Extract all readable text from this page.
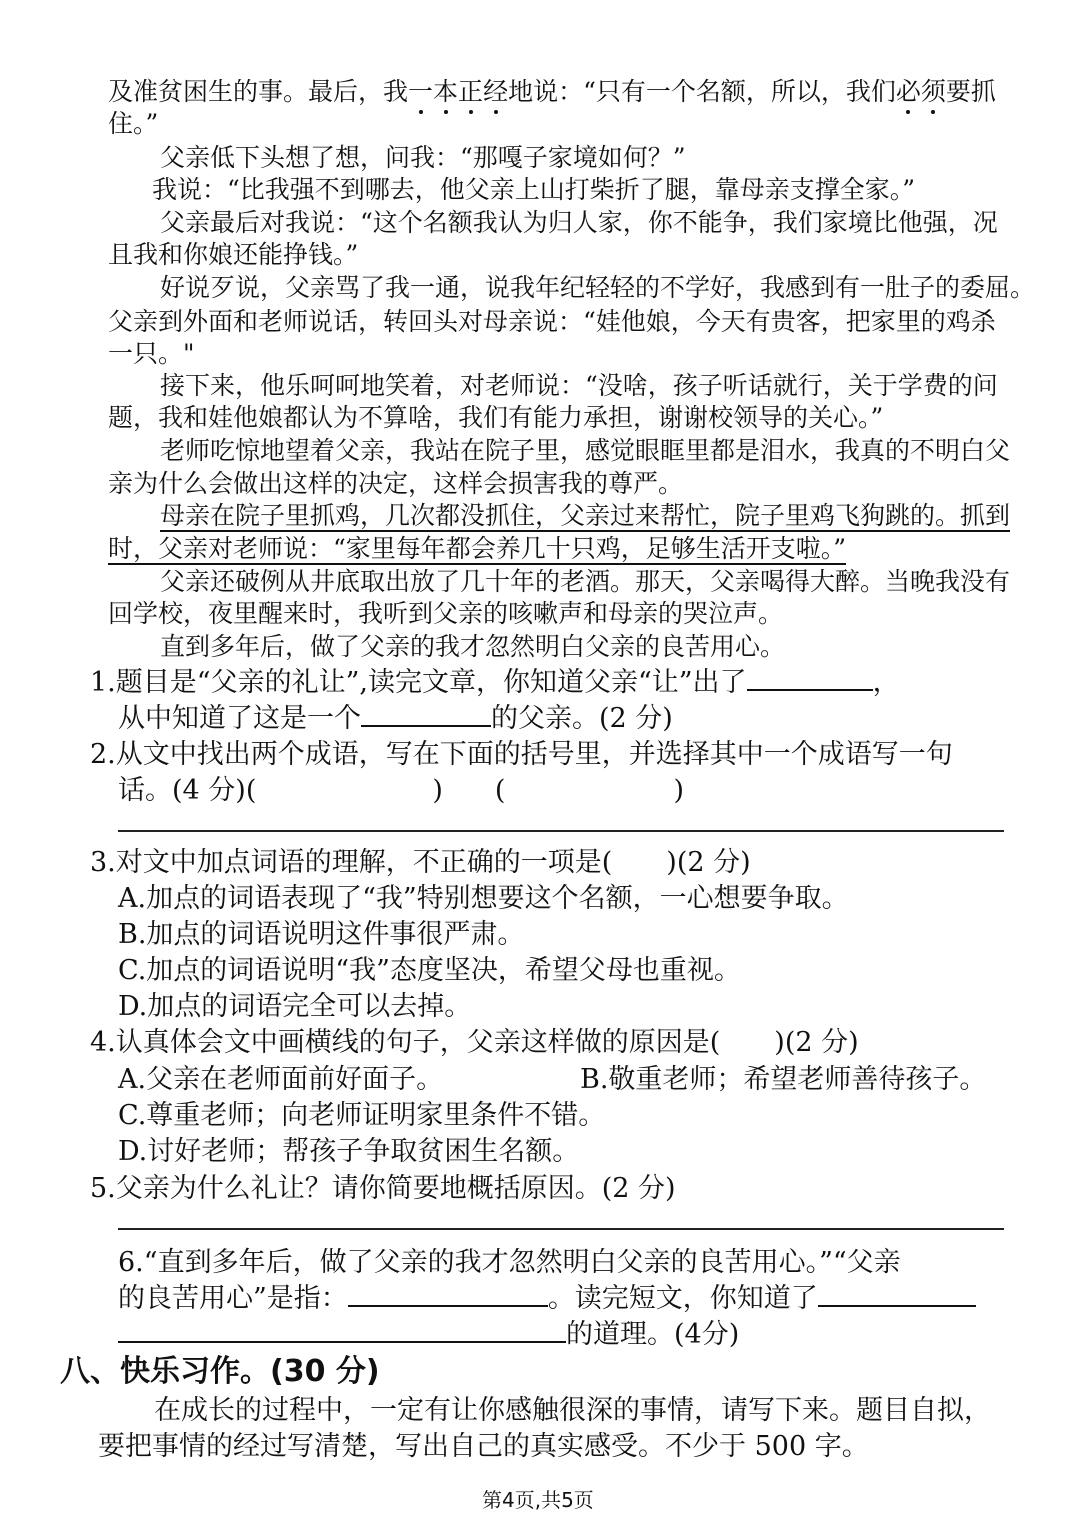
及准贫困生的事。最后，我一本正经地说：“只有一个名额，所以，我们必须要抓
住。”
父亲低下头想了想，问我：“那嘎子家境如何？”
我说：“比我强不到哪去，他父亲上山打柴折了腿，靠母亲支撑全家。”
父亲最后对我说：“这个名额我认为归人家，你不能争，我们家境比他强，况
且我和你娘还能挣钱。”
好说歹说，父亲骂了我一通，说我年纪轻轻的不学好，我感到有一肚子的委屈。
父亲到外面和老师说话，转回头对母亲说：“娃他娘，今天有贵客，把家里的鸡杀
一只。"
接下来，他乐呵呵地笑着，对老师说：“没啥，孩子听话就行，关于学费的问
题，我和娃他娘都认为不算啥，我们有能力承担，谢谢校领导的关心。”
老师吃惊地望着父亲，我站在院子里，感觉眼眶里都是泪水，我真的不明白父
亲为什么会做出这样的决定，这样会损害我的尊严。
母亲在院子里抓鸡，几次都没抓住，父亲过来帮忙，院子里鸡飞狗跳的。抓到
时，父亲对老师说：“家里每年都会养几十只鸡，足够生活开支啦。”
父亲还破例从井底取出放了几十年的老酒。那天，父亲喝得大醉。当晚我没有
回学校，夜里醒来时，我听到父亲的咳嗽声和母亲的哭泣声。
直到多年后，做了父亲的我才忽然明白父亲的良苦用心。
1.题目是“父亲的礼让”,读完文章，你知道父亲“让”出了	，
从中知道了这是一个	的父亲。(2 分)
2.从文中找出两个成语，写在下面的括号里，并选择其中一个成语写一句
话。(4 分)(	) (	)
3.对文中加点词语的理解，不正确的一项是(　　)(2 分)
A.加点的词语表现了“我”特别想要这个名额，一心想要争取。
B.加点的词语说明这件事很严肃。
C.加点的词语说明“我”态度坚决，希望父母也重视。
D.加点的词语完全可以去掉。
4.认真体会文中画横线的句子，父亲这样做的原因是(　　)(2 分)
A.父亲在老师面前好面子。	B.敬重老师；希望老师善待孩子。
C.尊重老师；向老师证明家里条件不错。
D.讨好老师；帮孩子争取贫困生名额。
5.父亲为什么礼让？请你简要地概括原因。(2 分)
6.“直到多年后，做了父亲的我才忽然明白父亲的良苦用心。”“父亲
的良苦用心”是指：	。读完短文，你知道了
的道理。(4分)
八、快乐习作。(30 分)
在成长的过程中，一定有让你感触很深的事情，请写下来。题目自拟，
要把事情的经过写清楚，写出自己的真实感受。不少于 500 字。
第4页,共5页
